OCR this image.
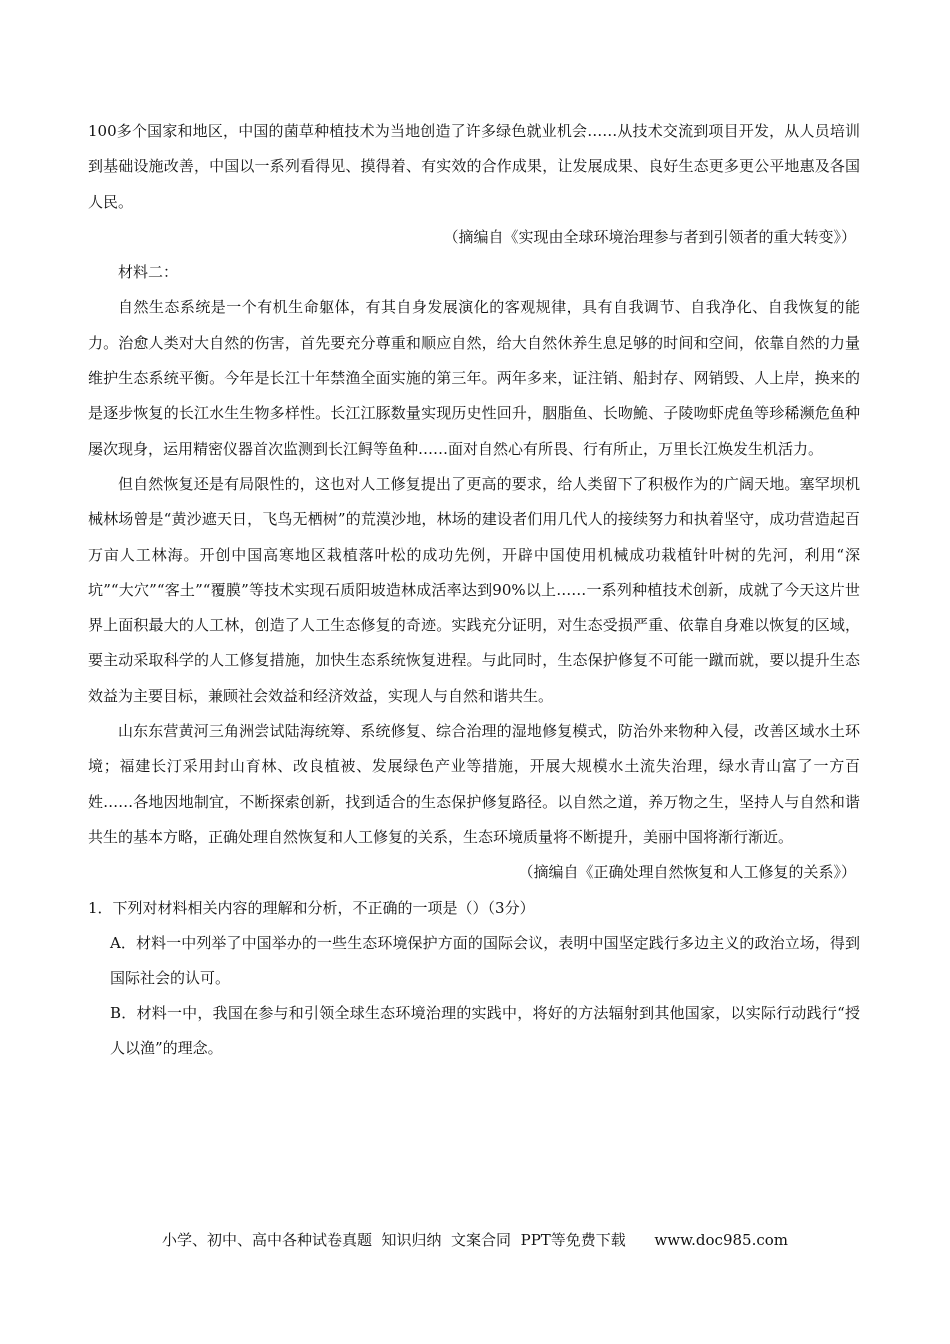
100多个国家和地区，中国的菌草种植技术为当地创造了许多绿色就业机会……从技术交流到项目开发，从人员培训到基础设施改善，中国以一系列看得见、摸得着、有实效的合作成果，让发展成果、良好生态更多更公平地惠及各国人民。

（摘编自《实现由全球环境治理参与者到引领者的重大转变》）

材料二：

自然生态系统是一个有机生命躯体，有其自身发展演化的客观规律，具有自我调节、自我净化、自我恢复的能力。治愈人类对大自然的伤害，首先要充分尊重和顺应自然，给大自然休养生息足够的时间和空间，依靠自然的力量维护生态系统平衡。今年是长江十年禁渔全面实施的第三年。两年多来，证注销、船封存、网销毁、人上岸，换来的是逐步恢复的长江水生生物多样性。长江江豚数量实现历史性回升，胭脂鱼、长吻鮠、子陵吻虾虎鱼等珍稀濒危鱼种屡次现身，运用精密仪器首次监测到长江鲟等鱼种……面对自然心有所畏、行有所止，万里长江焕发生机活力。

但自然恢复还是有局限性的，这也对人工修复提出了更高的要求，给人类留下了积极作为的广阔天地。塞罕坝机械林场曾是“黄沙遮天日，飞鸟无栖树”的荒漠沙地，林场的建设者们用几代人的接续努力和执着坚守，成功营造起百万亩人工林海。开创中国高寒地区栽植落叶松的成功先例，开辟中国使用机械成功栽植针叶树的先河，利用“深坑”“大穴”“客土”“覆膜”等技术实现石质阳坡造林成活率达到90%以上……一系列种植技术创新，成就了今天这片世界上面积最大的人工林，创造了人工生态修复的奇迹。实践充分证明，对生态受损严重、依靠自身难以恢复的区域，要主动采取科学的人工修复措施，加快生态系统恢复进程。与此同时，生态保护修复不可能一蹴而就，要以提升生态效益为主要目标，兼顾社会效益和经济效益，实现人与自然和谐共生。

山东东营黄河三角洲尝试陆海统筹、系统修复、综合治理的湿地修复模式，防治外来物种入侵，改善区域水土环境；福建长汀采用封山育林、改良植被、发展绿色产业等措施，开展大规模水土流失治理，绿水青山富了一方百姓……各地因地制宜，不断探索创新，找到适合的生态保护修复路径。以自然之道，养万物之生，坚持人与自然和谐共生的基本方略，正确处理自然恢复和人工修复的关系，生态环境质量将不断提升，美丽中国将渐行渐近。

（摘编自《正确处理自然恢复和人工修复的关系》）

1．下列对材料相关内容的理解和分析，不正确的一项是（）（3分）

A．材料一中列举了中国举办的一些生态环境保护方面的国际会议，表明中国坚定践行多边主义的政治立场，得到国际社会的认可。

B．材料一中，我国在参与和引领全球生态环境治理的实践中，将好的方法辐射到其他国家，以实际行动践行“授人以渔”的理念。

小学、初中、高中各种试卷真题  知识归纳  文案合同  PPT等免费下载 www.doc985.com
